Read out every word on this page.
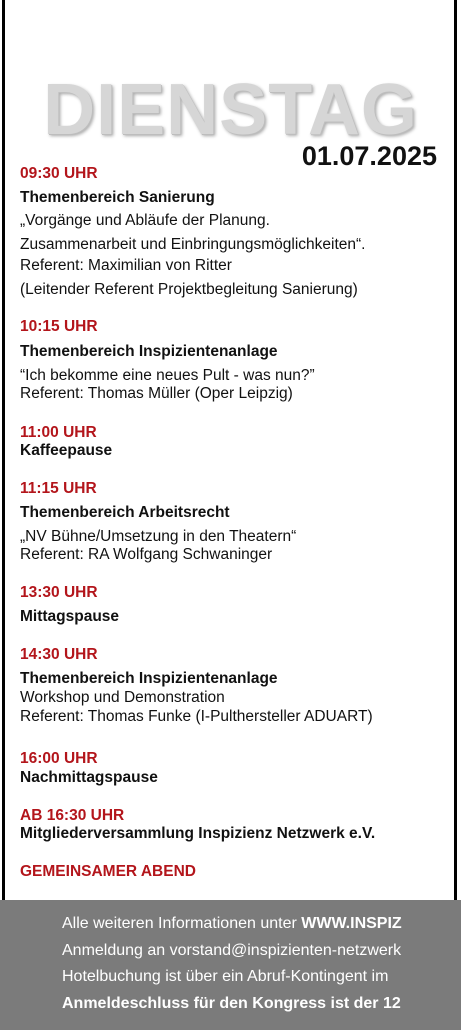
DIENSTAG
01.07.2025
09:30 UHR
Themenbereich Sanierung
„Vorgänge und Abläufe der Planung.
Zusammenarbeit und Einbringungsmöglichkeiten“.
Referent: Maximilian von Ritter
(Leitender Referent Projektbegleitung Sanierung)
10:15 UHR
Themenbereich Inspizientenanlage
“Ich bekomme eine neues Pult - was nun?”
Referent: Thomas Müller (Oper Leipzig)
11:00 UHR
Kaffeepause
11:15 UHR
Themenbereich Arbeitsrecht
„NV Bühne/Umsetzung in den Theatern“
Referent: RA Wolfgang Schwaninger
13:30 UHR
Mittagspause
14:30 UHR
Themenbereich Inspizientenanlage
Workshop und Demonstration
Referent: Thomas Funke (I-Pulthersteller ADUART)
16:00 UHR
Nachmittagspause
AB 16:30 UHR
Mitgliederversammlung Inspizienz Netzwerk e.V.
GEMEINSAMER ABEND
Alle weiteren Informationen unter WWW.INSPIZ
Anmeldung an vorstand@inspizienten-netzwerk
Hotelbuchung ist über ein Abruf-Kontingent im
Anmeldeschluss für den Kongress ist der 12
